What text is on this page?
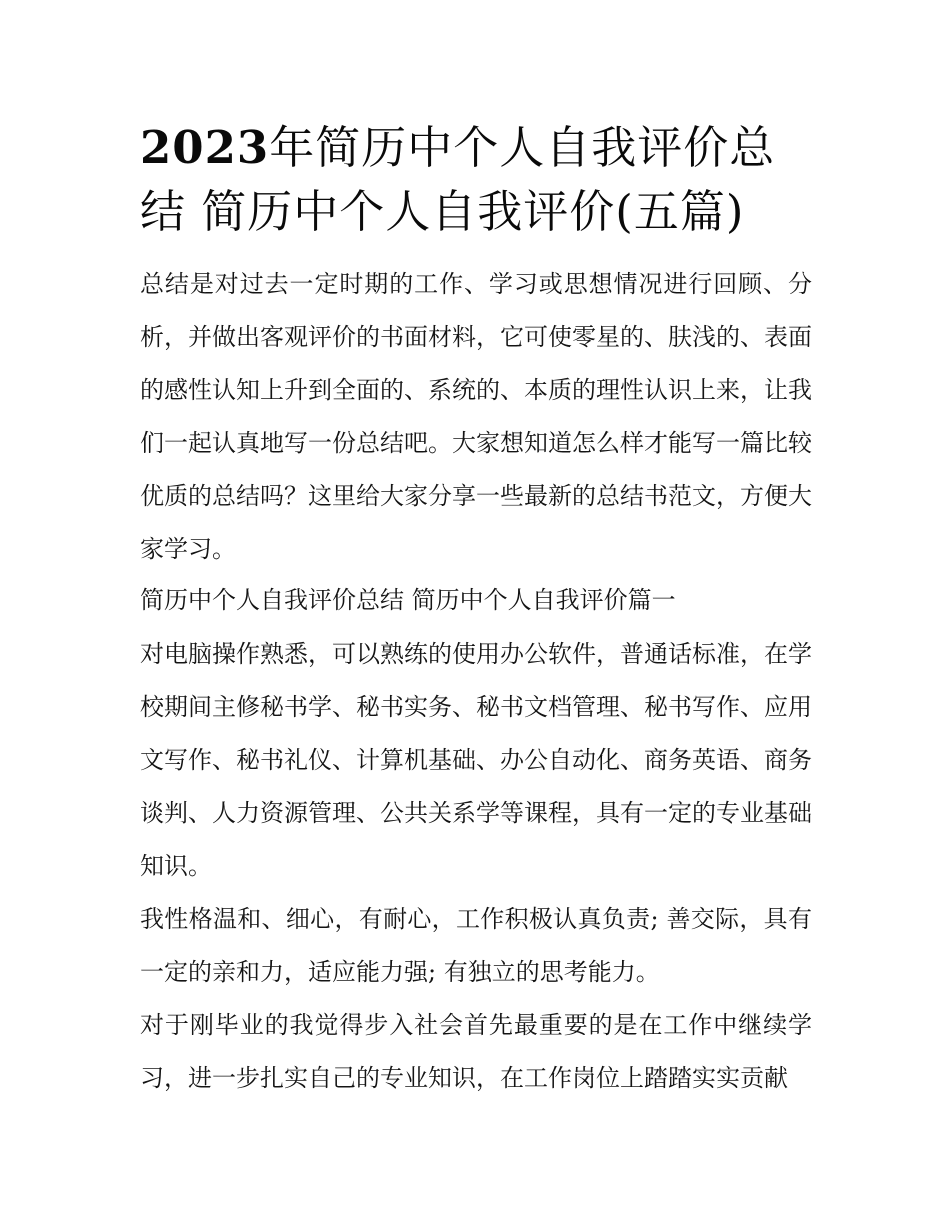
2023年简历中个人自我评价总
结 简历中个人自我评价(五篇)

总结是对过去一定时期的工作、学习或思想情况进行回顾、分析，并做出客观评价的书面材料，它可使零星的、肤浅的、表面的感性认知上升到全面的、系统的、本质的理性认识上来，让我们一起认真地写一份总结吧。大家想知道怎么样才能写一篇比较优质的总结吗？这里给大家分享一些最新的总结书范文，方便大家学习。

简历中个人自我评价总结 简历中个人自我评价篇一

对电脑操作熟悉，可以熟练的使用办公软件，普通话标准，在学校期间主修秘书学、秘书实务、秘书文档管理、秘书写作、应用文写作、秘书礼仪、计算机基础、办公自动化、商务英语、商务谈判、人力资源管理、公共关系学等课程，具有一定的专业基础知识。

我性格温和、细心，有耐心，工作积极认真负责; 善交际，具有一定的亲和力，适应能力强; 有独立的思考能力。

对于刚毕业的我觉得步入社会首先最重要的是在工作中继续学习，进一步扎实自己的专业知识，在工作岗位上踏踏实实贡献
